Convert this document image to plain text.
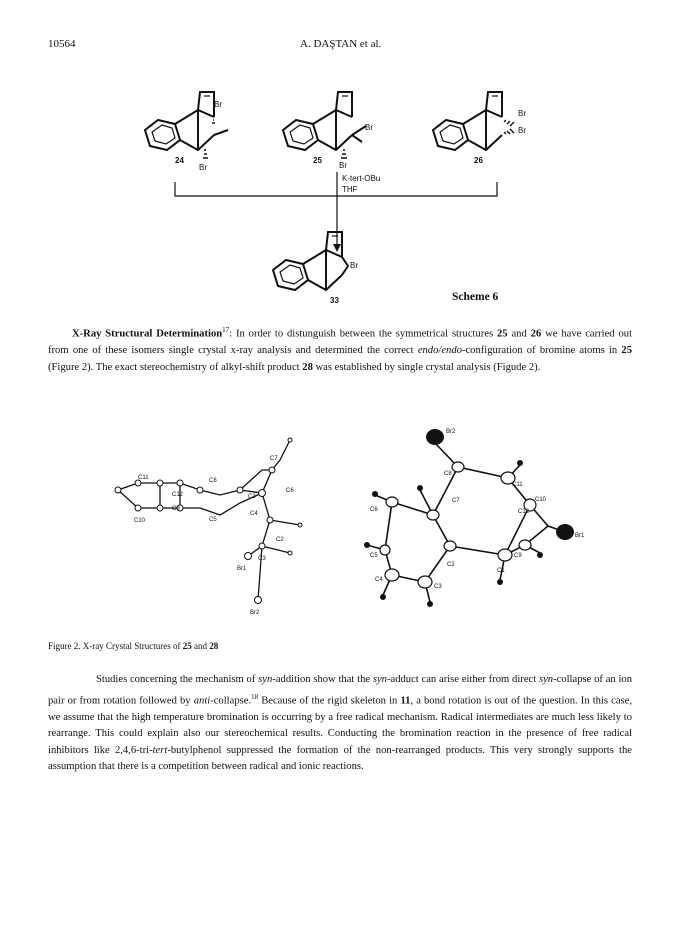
10564	A. DAŞTAN et al.
Br
Br
Br
Br
Br
Br
Br
24	25	26
33
K-tert-OBu
THF
Scheme 6
X-Ray Structural Determination$^{17}$: In order to distunguish between the symmetrical structures 25 and 26 we have carried out from one of these isomers single crystal x-ray analysis and determined the correct endo/endo-configuration of bromine atoms in 25 (Figure 2). The exact stereochemistry of alkyl-shift product 28 was established by single crystal analysis (Figude 2).
C11
C12
C8
C7
C6
C1
C10
C9
C5
C4
C2
C3
Br1
Br2
Br2
C8
C11
C10
C7
C6	C12
Br1
C5
C2
C9
C1
C4
C3
Figure 2. X-ray Crystal Structures of 25 and 28
Studies concerning the mechanism of syn-addition show that the syn-adduct can arise either from direct syn-collapse of an ion pair or from rotation followed by anti-collapse.$^{18}$ Because of the rigid skeleton in 11, a bond rotation is out of the question. In this case, we assume that the high temperature bromination is occurring by a free radical mechanism. Radical intermediates are much less likely to rearrange. This could explain also our stereochemical results. Conducting the bromination reaction in the presence of free radical inhibitors like 2,4,6-tri-tert-butylphenol suppressed the formation of the non-rearranged products. This very strongly supports the assumption that there is a competition between radical and ionic reactions.
